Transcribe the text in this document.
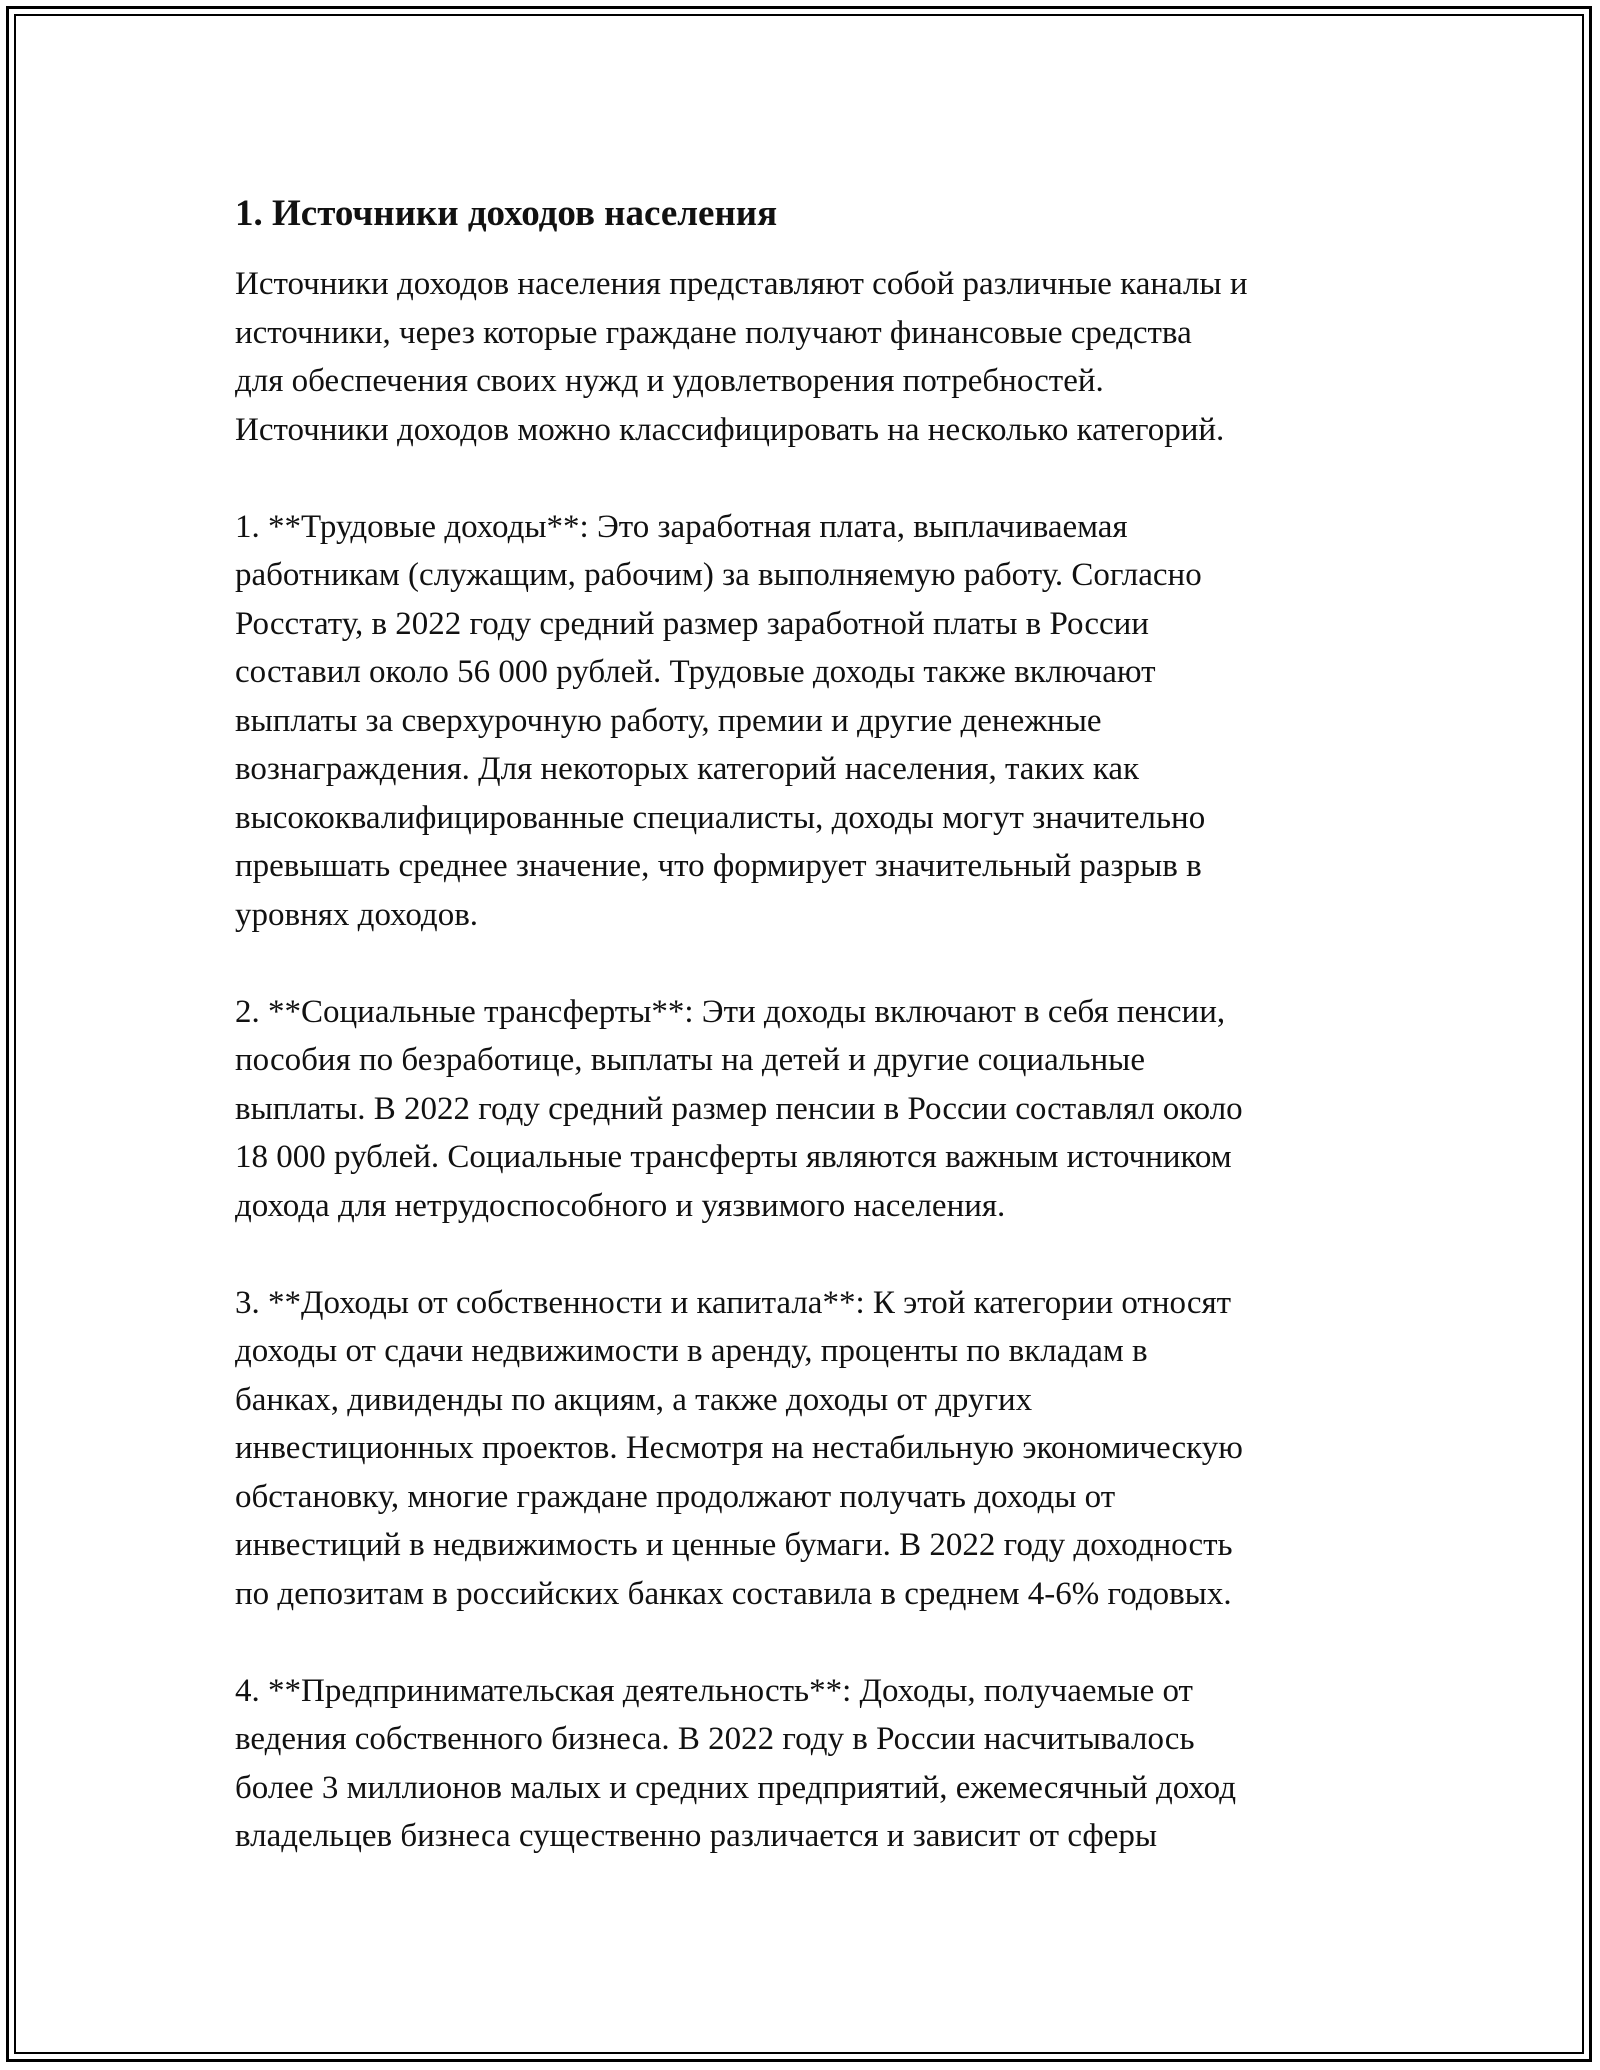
1. Источники доходов населения

Источники доходов населения представляют собой различные каналы и
источники, через которые граждане получают финансовые средства
для обеспечения своих нужд и удовлетворения потребностей.
Источники доходов можно классифицировать на несколько категорий.

1. **Трудовые доходы**: Это заработная плата, выплачиваемая
работникам (служащим, рабочим) за выполняемую работу. Согласно
Росстату, в 2022 году средний размер заработной платы в России
составил около 56 000 рублей. Трудовые доходы также включают
выплаты за сверхурочную работу, премии и другие денежные
вознаграждения. Для некоторых категорий населения, таких как
высококвалифицированные специалисты, доходы могут значительно
превышать среднее значение, что формирует значительный разрыв в
уровнях доходов.

2. **Социальные трансферты**: Эти доходы включают в себя пенсии,
пособия по безработице, выплаты на детей и другие социальные
выплаты. В 2022 году средний размер пенсии в России составлял около
18 000 рублей. Социальные трансферты являются важным источником
дохода для нетрудоспособного и уязвимого населения.

3. **Доходы от собственности и капитала**: К этой категории относят
доходы от сдачи недвижимости в аренду, проценты по вкладам в
банках, дивиденды по акциям, а также доходы от других
инвестиционных проектов. Несмотря на нестабильную экономическую
обстановку, многие граждане продолжают получать доходы от
инвестиций в недвижимость и ценные бумаги. В 2022 году доходность
по депозитам в российских банках составила в среднем 4-6% годовых.

4. **Предпринимательская деятельность**: Доходы, получаемые от
ведения собственного бизнеса. В 2022 году в России насчитывалось
более 3 миллионов малых и средних предприятий, ежемесячный доход
владельцев бизнеса существенно различается и зависит от сферы
